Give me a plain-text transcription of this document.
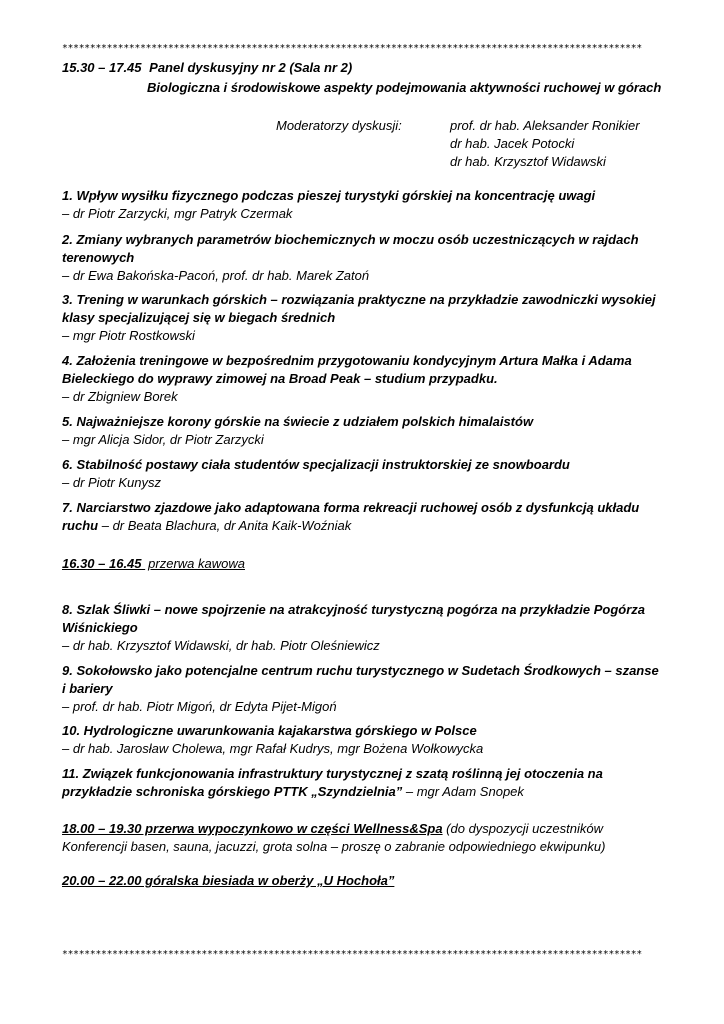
********************************************************************************************************
15.30 – 17.45 Panel dyskusyjny nr 2 (Sala nr 2)
Biologiczna i środowiskowe aspekty podejmowania aktywności ruchowej w górach
Moderatorzy dyskusji:	prof. dr hab. Aleksander Ronikier
dr hab. Jacek Potocki
dr hab. Krzysztof Widawski
1. Wpływ wysiłku fizycznego podczas pieszej turystyki górskiej na koncentrację uwagi
– dr Piotr Zarzycki, mgr Patryk Czermak
2. Zmiany wybranych parametrów biochemicznych w moczu osób uczestniczących w rajdach terenowych
– dr Ewa Bakońska-Pacoń, prof. dr hab. Marek Zatoń
3. Trening w warunkach górskich – rozwiązania praktyczne na przykładzie zawodniczki wysokiej klasy specjalizującej się w biegach średnich
– mgr Piotr Rostkowski
4. Założenia treningowe w bezpośrednim przygotowaniu kondycyjnym Artura Małka i Adama Bieleckiego do wyprawy zimowej na Broad Peak – studium przypadku.
– dr Zbigniew Borek
5. Najważniejsze korony górskie na świecie z udziałem polskich himalaistów
– mgr Alicja Sidor, dr Piotr Zarzycki
6. Stabilność postawy ciała studentów specjalizacji instruktorskiej ze snowboardu
– dr Piotr Kunysz
7. Narciarstwo zjazdowe jako adaptowana forma rekreacji ruchowej osób z dysfunkcją układu ruchu – dr Beata Blachura, dr Anita Kaik-Woźniak
16.30 – 16.45 przerwa kawowa
8. Szlak Śliwki – nowe spojrzenie na atrakcyjność turystyczną pogórza na przykładzie Pogórza Wiśnickiego
– dr hab. Krzysztof Widawski, dr hab. Piotr Oleśniewicz
9. Sokołowsko jako potencjalne centrum ruchu turystycznego w Sudetach Środkowych – szanse i bariery
– prof. dr hab. Piotr Migoń, dr Edyta Pijet-Migoń
10. Hydrologiczne uwarunkowania kajakarstwa górskiego w Polsce
– dr hab. Jarosław Cholewa, mgr Rafał Kudrys, mgr Bożena Wołkowycka
11. Związek funkcjonowania infrastruktury turystycznej z szatą roślinną jej otoczenia na przykładzie schroniska górskiego PTTK „Szyndzielnia” – mgr Adam Snopek
18.00 – 19.30 przerwa wypoczynkowo w części Wellness&Spa (do dyspozycji uczestników
Konferencji basen, sauna, jacuzzi, grota solna – proszę o zabranie odpowiedniego ekwipunku)
20.00 – 22.00 góralska biesiada w oberży „U Hochoła”
********************************************************************************************************
